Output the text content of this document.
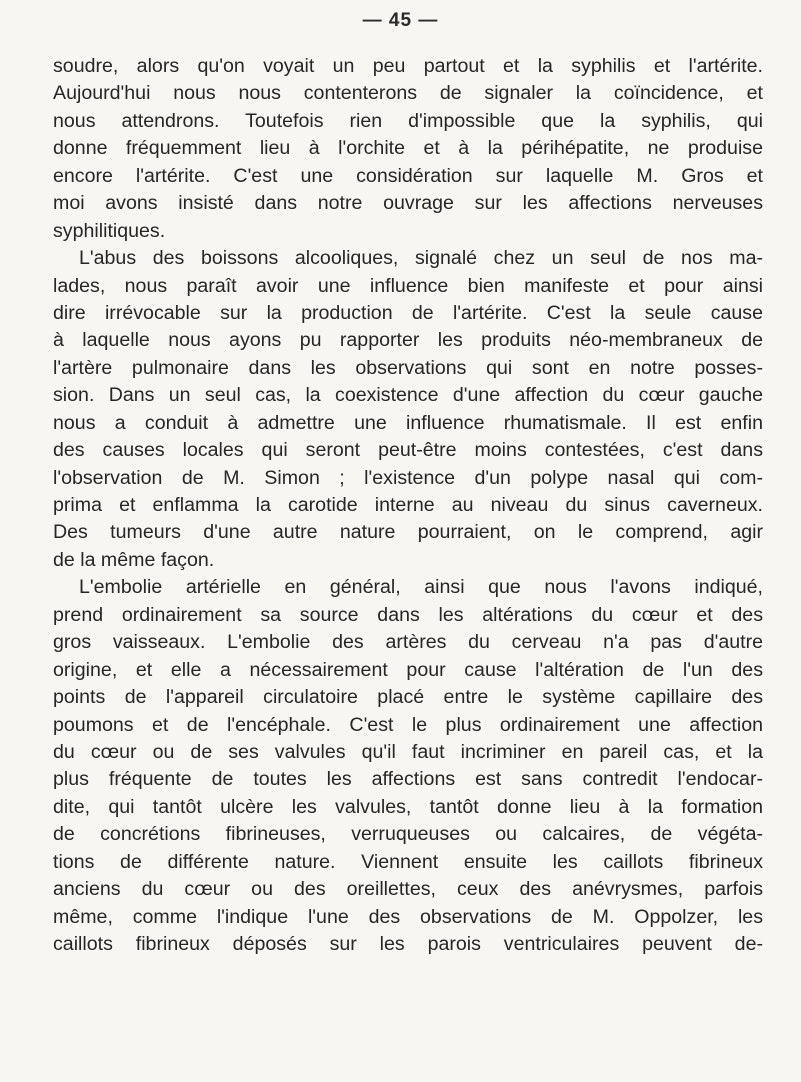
— 45 —
soudre, alors qu'on voyait un peu partout et la syphilis et l'artérite.
Aujourd'hui nous nous contenterons de signaler la coïncidence, et
nous attendrons. Toutefois rien d'impossible que la syphilis, qui
donne fréquemment lieu à l'orchite et à la périhépatite, ne produise
encore l'artérite. C'est une considération sur laquelle M. Gros et
moi avons insisté dans notre ouvrage sur les affections nerveuses
syphilitiques.
L'abus des boissons alcooliques, signalé chez un seul de nos ma-
lades, nous paraît avoir une influence bien manifeste et pour ainsi
dire irrévocable sur la production de l'artérite. C'est la seule cause
à laquelle nous ayons pu rapporter les produits néo-membraneux de
l'artère pulmonaire dans les observations qui sont en notre posses-
sion. Dans un seul cas, la coexistence d'une affection du cœur gauche
nous a conduit à admettre une influence rhumatismale. Il est enfin
des causes locales qui seront peut-être moins contestées, c'est dans
l'observation de M. Simon ; l'existence d'un polype nasal qui com-
prima et enflamma la carotide interne au niveau du sinus caverneux.
Des tumeurs d'une autre nature pourraient, on le comprend, agir
de la même façon.
L'embolie artérielle en général, ainsi que nous l'avons indiqué,
prend ordinairement sa source dans les altérations du cœur et des
gros vaisseaux. L'embolie des artères du cerveau n'a pas d'autre
origine, et elle a nécessairement pour cause l'altération de l'un des
points de l'appareil circulatoire placé entre le système capillaire des
poumons et de l'encéphale. C'est le plus ordinairement une affection
du cœur ou de ses valvules qu'il faut incriminer en pareil cas, et la
plus fréquente de toutes les affections est sans contredit l'endocar-
dite, qui tantôt ulcère les valvules, tantôt donne lieu à la formation
de concrétions fibrineuses, verruqueuses ou calcaires, de végéta-
tions de différente nature. Viennent ensuite les caillots fibrineux
anciens du cœur ou des oreillettes, ceux des anévrysmes, parfois
même, comme l'indique l'une des observations de M. Oppolzer, les
caillots fibrineux déposés sur les parois ventriculaires peuvent de-
